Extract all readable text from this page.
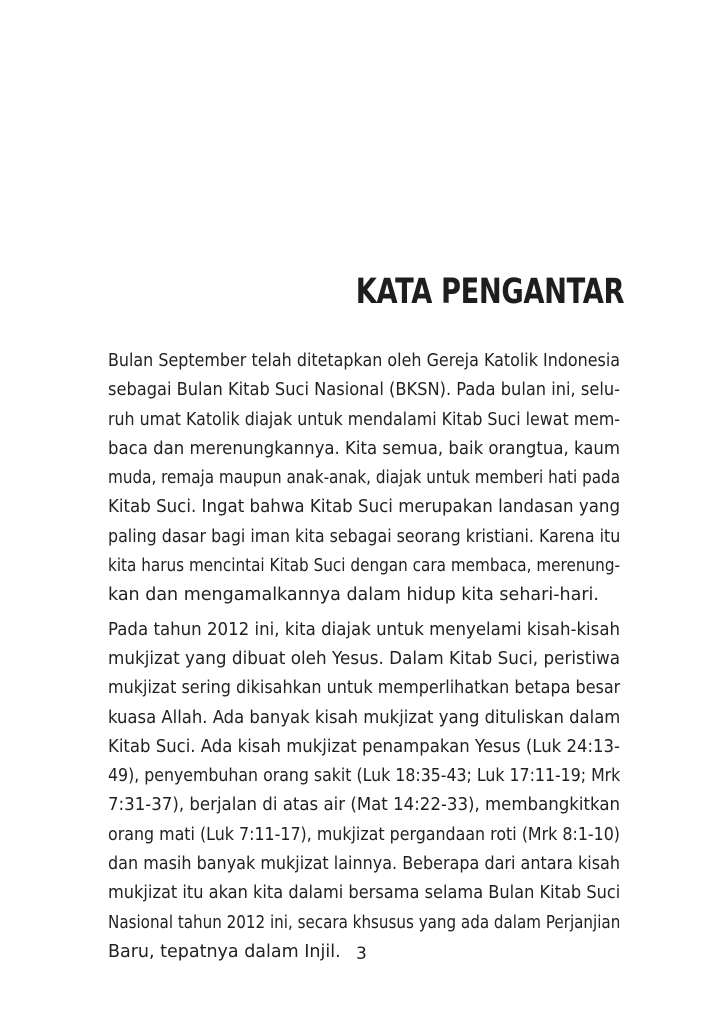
KATA PENGANTAR

Bulan September telah ditetapkan oleh Gereja Katolik Indonesia
sebagai Bulan Kitab Suci Nasional (BKSN). Pada bulan ini, selu-
ruh umat Katolik diajak untuk mendalami Kitab Suci lewat mem-
baca dan merenungkannya. Kita semua, baik orangtua, kaum
muda, remaja maupun anak-anak, diajak untuk memberi hati pada
Kitab Suci. Ingat bahwa Kitab Suci merupakan landasan yang
paling dasar bagi iman kita sebagai seorang kristiani. Karena itu
kita harus mencintai Kitab Suci dengan cara membaca, merenung-
kan dan mengamalkannya dalam hidup kita sehari-hari.

Pada tahun 2012 ini, kita diajak untuk menyelami kisah-kisah
mukjizat yang dibuat oleh Yesus. Dalam Kitab Suci, peristiwa
mukjizat sering dikisahkan untuk memperlihatkan betapa besar
kuasa Allah. Ada banyak kisah mukjizat yang dituliskan dalam
Kitab Suci. Ada kisah mukjizat penampakan Yesus (Luk 24:13-
49), penyembuhan orang sakit (Luk 18:35-43; Luk 17:11-19; Mrk
7:31-37), berjalan di atas air (Mat 14:22-33), membangkitkan
orang mati (Luk 7:11-17), mukjizat pergandaan roti (Mrk 8:1-10)
dan masih banyak mukjizat lainnya. Beberapa dari antara kisah
mukjizat itu akan kita dalami bersama selama Bulan Kitab Suci
Nasional tahun 2012 ini, secara khsusus yang ada dalam Perjanjian
Baru, tepatnya dalam Injil. 3
